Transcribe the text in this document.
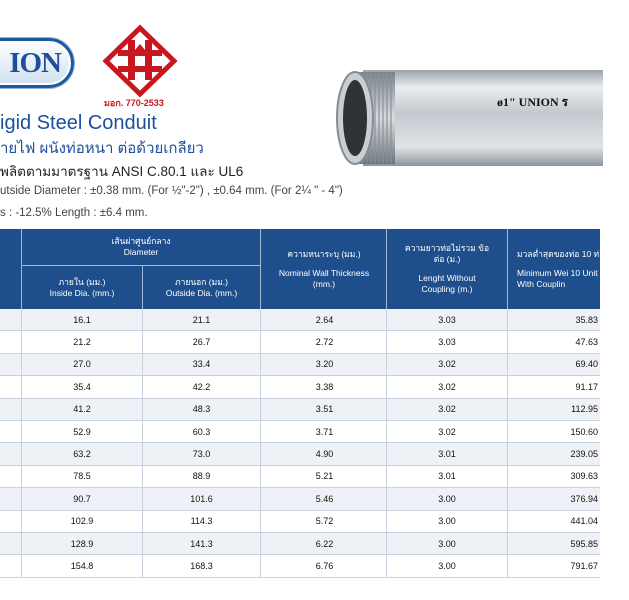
ION
มอก. 770-2533
igid Steel Conduit
ายไฟ ผนังท่อหนา ต่อด้วยเกลียว
พลิตตามมาตรฐาน ANSI C.80.1 และ UL6
utside Diameter : ±0.38 mm. (For ½"-2") , ±0.64 mm. (For 2¼ " - 4")
s : -12.5% Length : ±6.4 mm.
ø1" UNION ร
เส้นผ่าศูนย์กลาง
Diameter
ภายใน (มม.)
Inside Dia. (mm.)
ภายนอก (มม.)
Outside Dia. (mm.)
ความหนาระบุ (มม.)
Nominal Wall Thickness (mm.)
ความยาวท่อไม่รวม ข้อต่อ (ม.)
Lenght Without Coupling (m.)
มวลต่ำสุดของท่อ 10 ท่อน (ก
Minimum Wei 10 Unit Len With Couplin
16.1	21.1	2.64	3.03	35.83
21.2	26.7	2.72	3.03	47.63
27.0	33.4	3.20	3.02	69.40
35.4	42.2	3.38	3.02	91.17
41.2	48.3	3.51	3.02	112.95
52.9	60.3	3.71	3.02	150.60
63.2	73.0	4.90	3.01	239.05
78.5	88.9	5.21	3.01	309.63
90.7	101.6	5.46	3.00	376.94
102.9	114.3	5.72	3.00	441.04
128.9	141.3	6.22	3.00	595.85
154.8	168.3	6.76	3.00	791.67
